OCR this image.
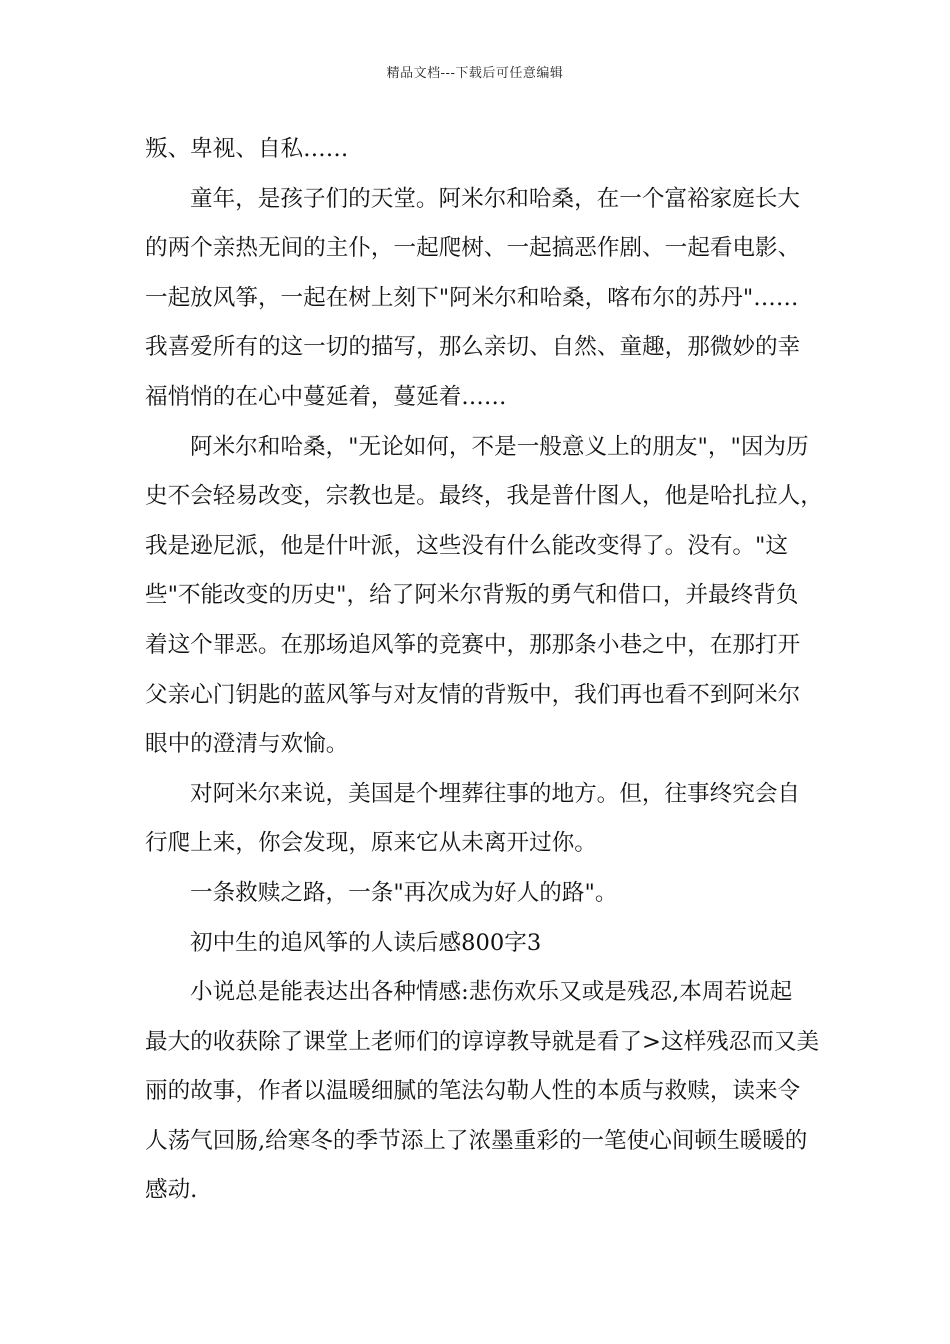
精品文档---下载后可任意编辑
叛、卑视、自私……
童年，是孩子们的天堂。阿米尔和哈桑，在一个富裕家庭长大
的两个亲热无间的主仆，一起爬树、一起搞恶作剧、一起看电影、
一起放风筝，一起在树上刻下"阿米尔和哈桑，喀布尔的苏丹"……
我喜爱所有的这一切的描写，那么亲切、自然、童趣，那微妙的幸
福悄悄的在心中蔓延着，蔓延着……
阿米尔和哈桑，"无论如何，不是一般意义上的朋友"，"因为历
史不会轻易改变，宗教也是。最终，我是普什图人，他是哈扎拉人，
我是逊尼派，他是什叶派，这些没有什么能改变得了。没有。"这
些"不能改变的历史"，给了阿米尔背叛的勇气和借口，并最终背负
着这个罪恶。在那场追风筝的竞赛中，那那条小巷之中，在那打开
父亲心门钥匙的蓝风筝与对友情的背叛中，我们再也看不到阿米尔
眼中的澄清与欢愉。
对阿米尔来说，美国是个埋葬往事的地方。但，往事终究会自
行爬上来，你会发现，原来它从未离开过你。
一条救赎之路，一条"再次成为好人的路"。
初中生的追风筝的人读后感800字3
小说总是能表达出各种情感:悲伤欢乐又或是残忍,本周若说起
最大的收获除了课堂上老师们的谆谆教导就是看了>这样残忍而又美
丽的故事，作者以温暖细腻的笔法勾勒人性的本质与救赎，读来令
人荡气回肠,给寒冬的季节添上了浓墨重彩的一笔使心间顿生暖暖的
感动.
